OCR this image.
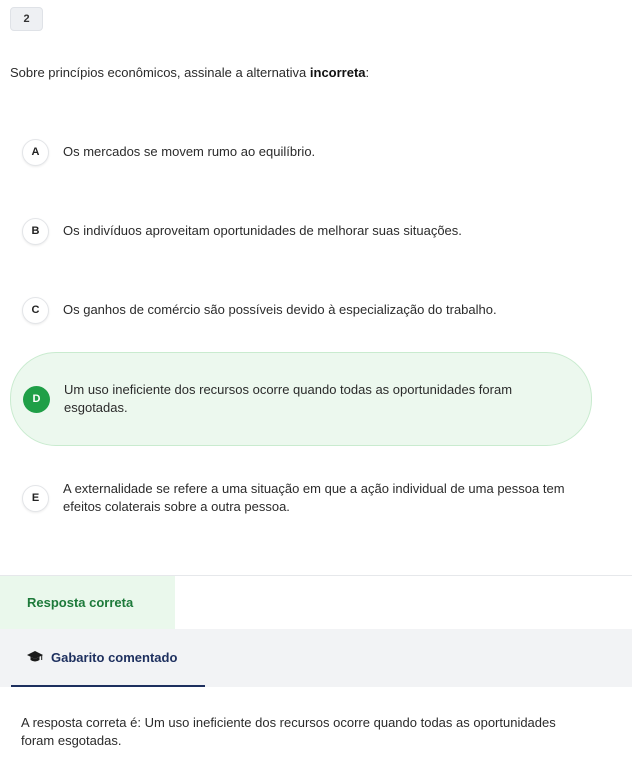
2
Sobre princípios econômicos, assinale a alternativa incorreta:
A	Os mercados se movem rumo ao equilíbrio.
B	Os indivíduos aproveitam oportunidades de melhorar suas situações.
C	Os ganhos de comércio são possíveis devido à especialização do trabalho.
D
Um uso ineficiente dos recursos ocorre quando todas as oportunidades foram esgotadas.
E
A externalidade se refere a uma situação em que a ação individual de uma pessoa tem efeitos colaterais sobre a outra pessoa.
Resposta correta
Gabarito comentado
A resposta correta é: Um uso ineficiente dos recursos ocorre quando todas as oportunidades foram esgotadas.
